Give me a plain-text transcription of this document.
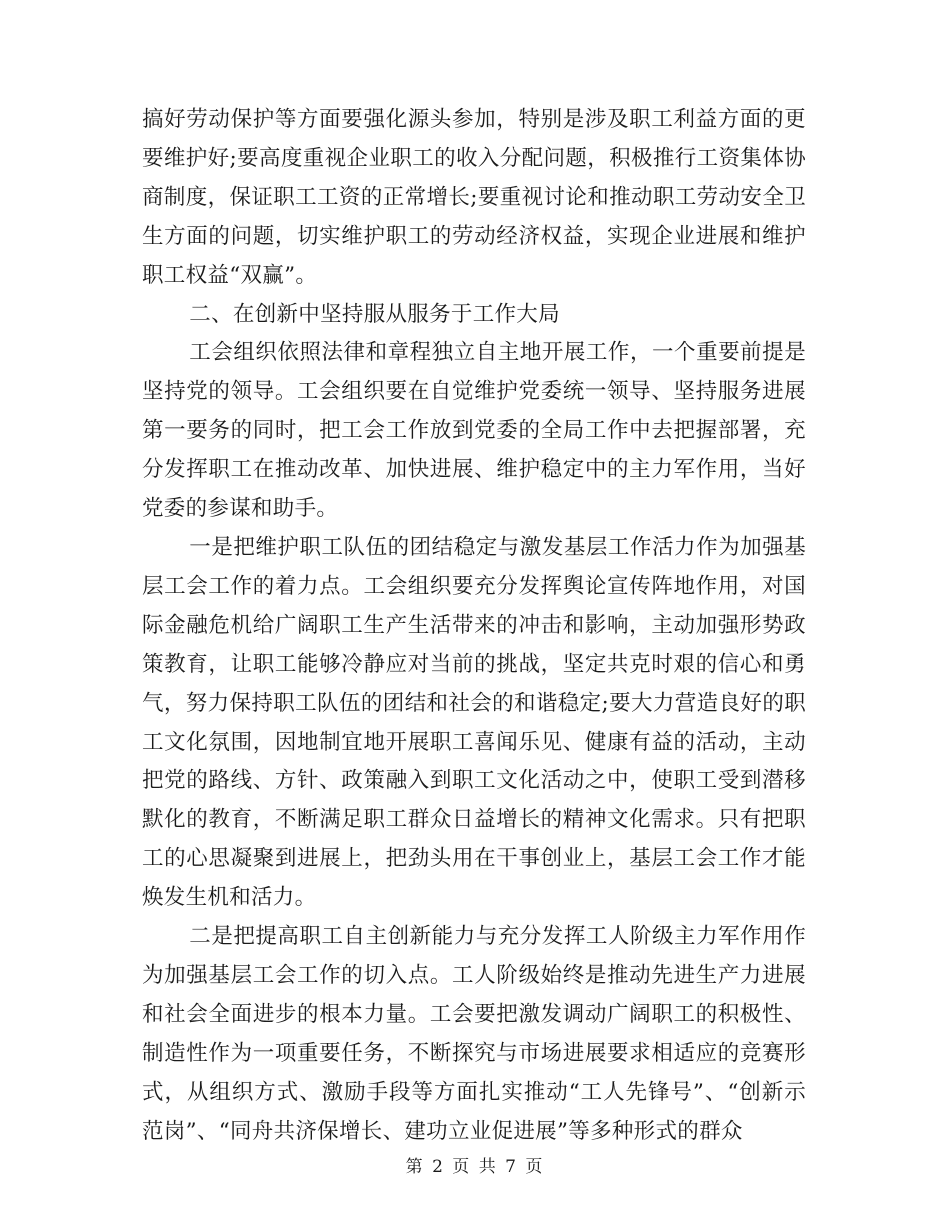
搞好劳动保护等方面要强化源头参加，特别是涉及职工利益方面的更要维护好;要高度重视企业职工的收入分配问题，积极推行工资集体协商制度，保证职工工资的正常增长;要重视讨论和推动职工劳动安全卫生方面的问题，切实维护职工的劳动经济权益，实现企业进展和维护职工权益“双赢”。

二、在创新中坚持服从服务于工作大局

工会组织依照法律和章程独立自主地开展工作，一个重要前提是坚持党的领导。工会组织要在自觉维护党委统一领导、坚持服务进展第一要务的同时，把工会工作放到党委的全局工作中去把握部署，充分发挥职工在推动改革、加快进展、维护稳定中的主力军作用，当好党委的参谋和助手。

一是把维护职工队伍的团结稳定与激发基层工作活力作为加强基层工会工作的着力点。工会组织要充分发挥舆论宣传阵地作用，对国际金融危机给广阔职工生产生活带来的冲击和影响，主动加强形势政策教育，让职工能够冷静应对当前的挑战，坚定共克时艰的信心和勇气，努力保持职工队伍的团结和社会的和谐稳定;要大力营造良好的职工文化氛围，因地制宜地开展职工喜闻乐见、健康有益的活动，主动把党的路线、方针、政策融入到职工文化活动之中，使职工受到潜移默化的教育，不断满足职工群众日益增长的精神文化需求。只有把职工的心思凝聚到进展上，把劲头用在干事创业上，基层工会工作才能焕发生机和活力。

二是把提高职工自主创新能力与充分发挥工人阶级主力军作用作为加强基层工会工作的切入点。工人阶级始终是推动先进生产力进展和社会全面进步的根本力量。工会要把激发调动广阔职工的积极性、制造性作为一项重要任务，不断探究与市场进展要求相适应的竞赛形式，从组织方式、激励手段等方面扎实推动“工人先锋号”、“创新示范岗”、“同舟共济保增长、建功立业促进展”等多种形式的群众

第 2 页 共 7 页
